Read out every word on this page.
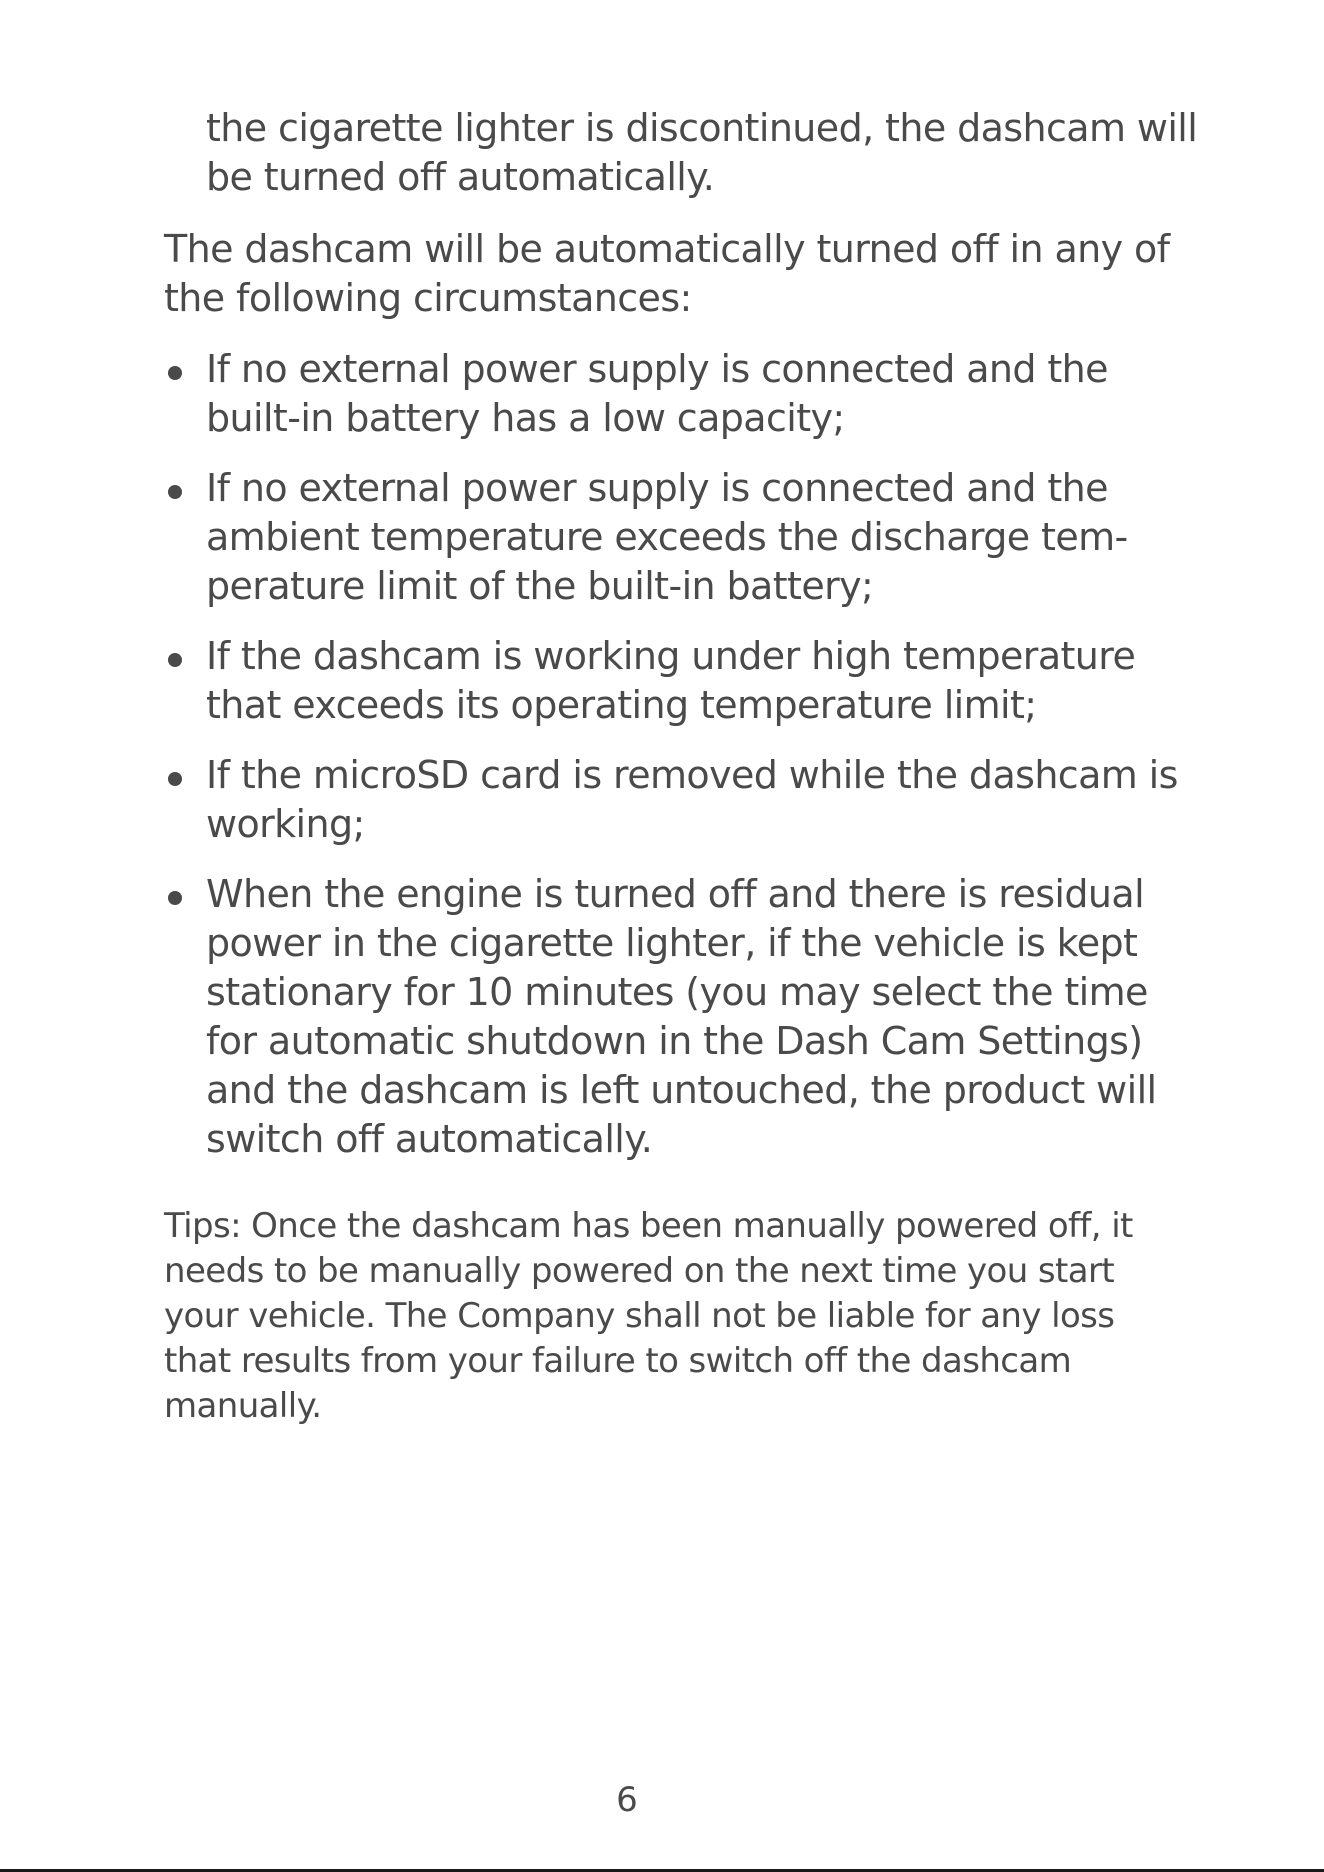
the cigarette lighter is discontinued, the dashcam will be turned off automatically.

The dashcam will be automatically turned off in any of the following circumstances:

If no external power supply is connected and the built-in battery has a low capacity;
If no external power supply is connected and the ambient temperature exceeds the discharge tem-perature limit of the built-in battery;
If the dashcam is working under high temperature that exceeds its operating temperature limit;
If the microSD card is removed while the dashcam is working;
When the engine is turned off and there is residual power in the cigarette lighter, if the vehicle is kept stationary for 10 minutes (you may select the time for automatic shutdown in the Dash Cam Settings) and the dashcam is left untouched, the product will switch off automatically.

Tips: Once the dashcam has been manually powered off, it needs to be manually powered on the next time you start your vehicle. The Company shall not be liable for any loss that results from your failure to switch off the dashcam manually.

6
